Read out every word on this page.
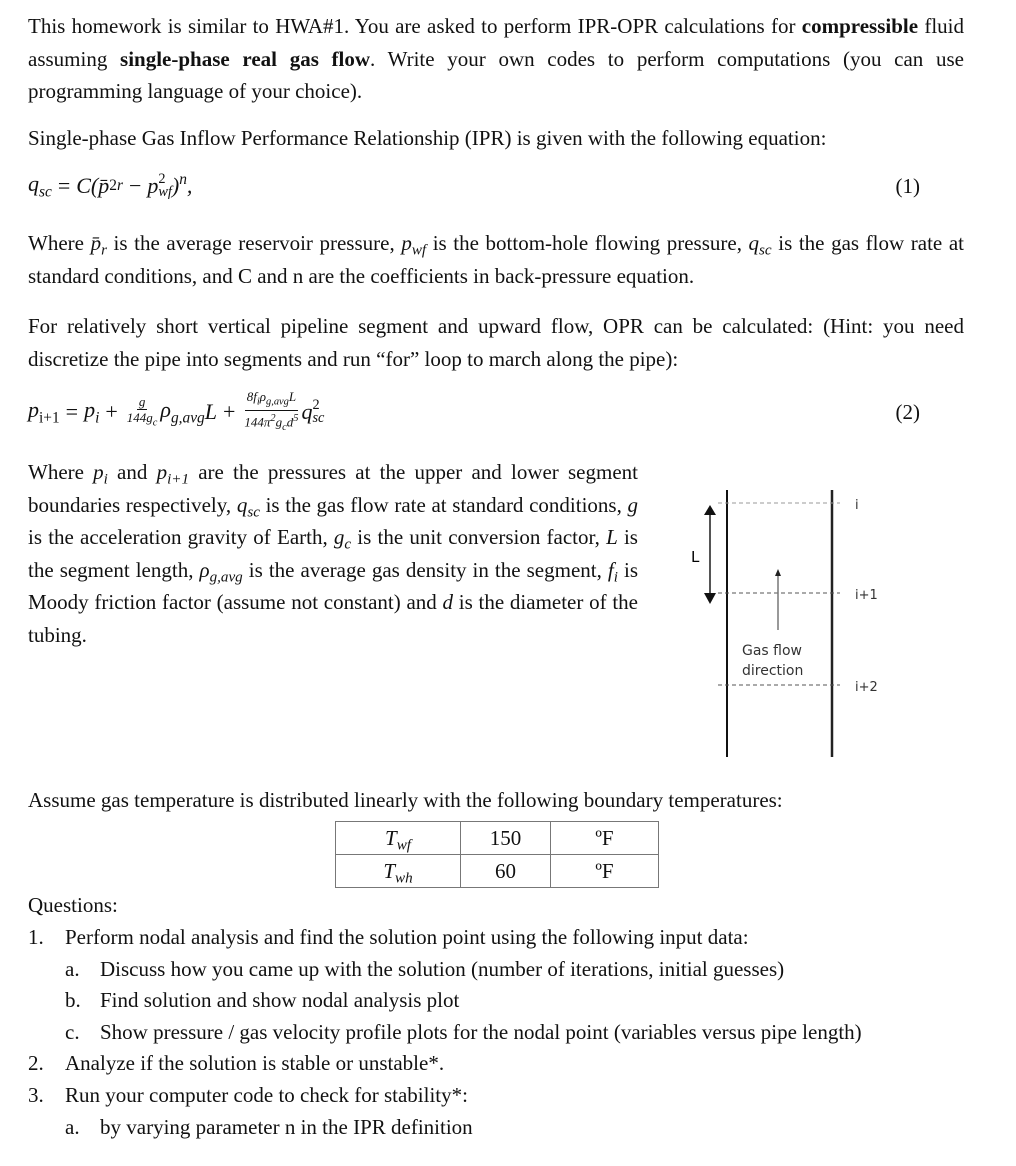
This homework is similar to HWA#1. You are asked to perform IPR-OPR calculations for compressible fluid assuming single-phase real gas flow. Write your own codes to perform computations (you can use programming language of your choice).
Single-phase Gas Inflow Performance Relationship (IPR) is given with the following equation:
$q_{sc} = C$( p̄ 2 r − p 2
wf )$^n$ ,	(1)
Where $p̄_r$ is the average reservoir pressure, $p_{wf}$ is the bottom-hole flowing pressure, $q_{sc}$ is the gas flow rate at standard conditions, and C and n are the coefficients in back-pressure equation.
For relatively short vertical pipeline segment and upward flow, OPR can be calculated: (Hint: you need discretize the pipe into segments and run “for” loop to march along the pipe):
$p_{i+1} = p_i + \frac{g}{144g_c} \rho_{g,avg}$ $L + \frac{8f_i\rho_{g,avg}L}{144\pi^2g_cd^5}$ q 2
sc	(2)
Where $p_i$ and $p_{i+1}$ are the pressures at the upper and lower segment boundaries respectively, $q_{sc}$ is the gas flow rate at standard conditions, g is the acceleration gravity of Earth, $g_c$ is the unit conversion factor, L is the segment length, $\rho_{g,avg}$ is the average gas density in the segment, $f_i$ is Moody friction factor (assume not constant) and d is the diameter of the tubing.
L
Gas flow
direction
i
i+1
i+2
Assume gas temperature is distributed linearly with the following boundary temperatures:
$T_{wf}$	150	ºF
$T_{wh}$	60	ºF
Questions:
1. Perform nodal analysis and find the solution point using the following input data:
a. Discuss how you came up with the solution (number of iterations, initial guesses)
b. Find solution and show nodal analysis plot
c. Show pressure / gas velocity profile plots for the nodal point (variables versus pipe length)
2. Analyze if the solution is stable or unstable*.
3. Run your computer code to check for stability*:
a. by varying parameter n in the IPR definition
